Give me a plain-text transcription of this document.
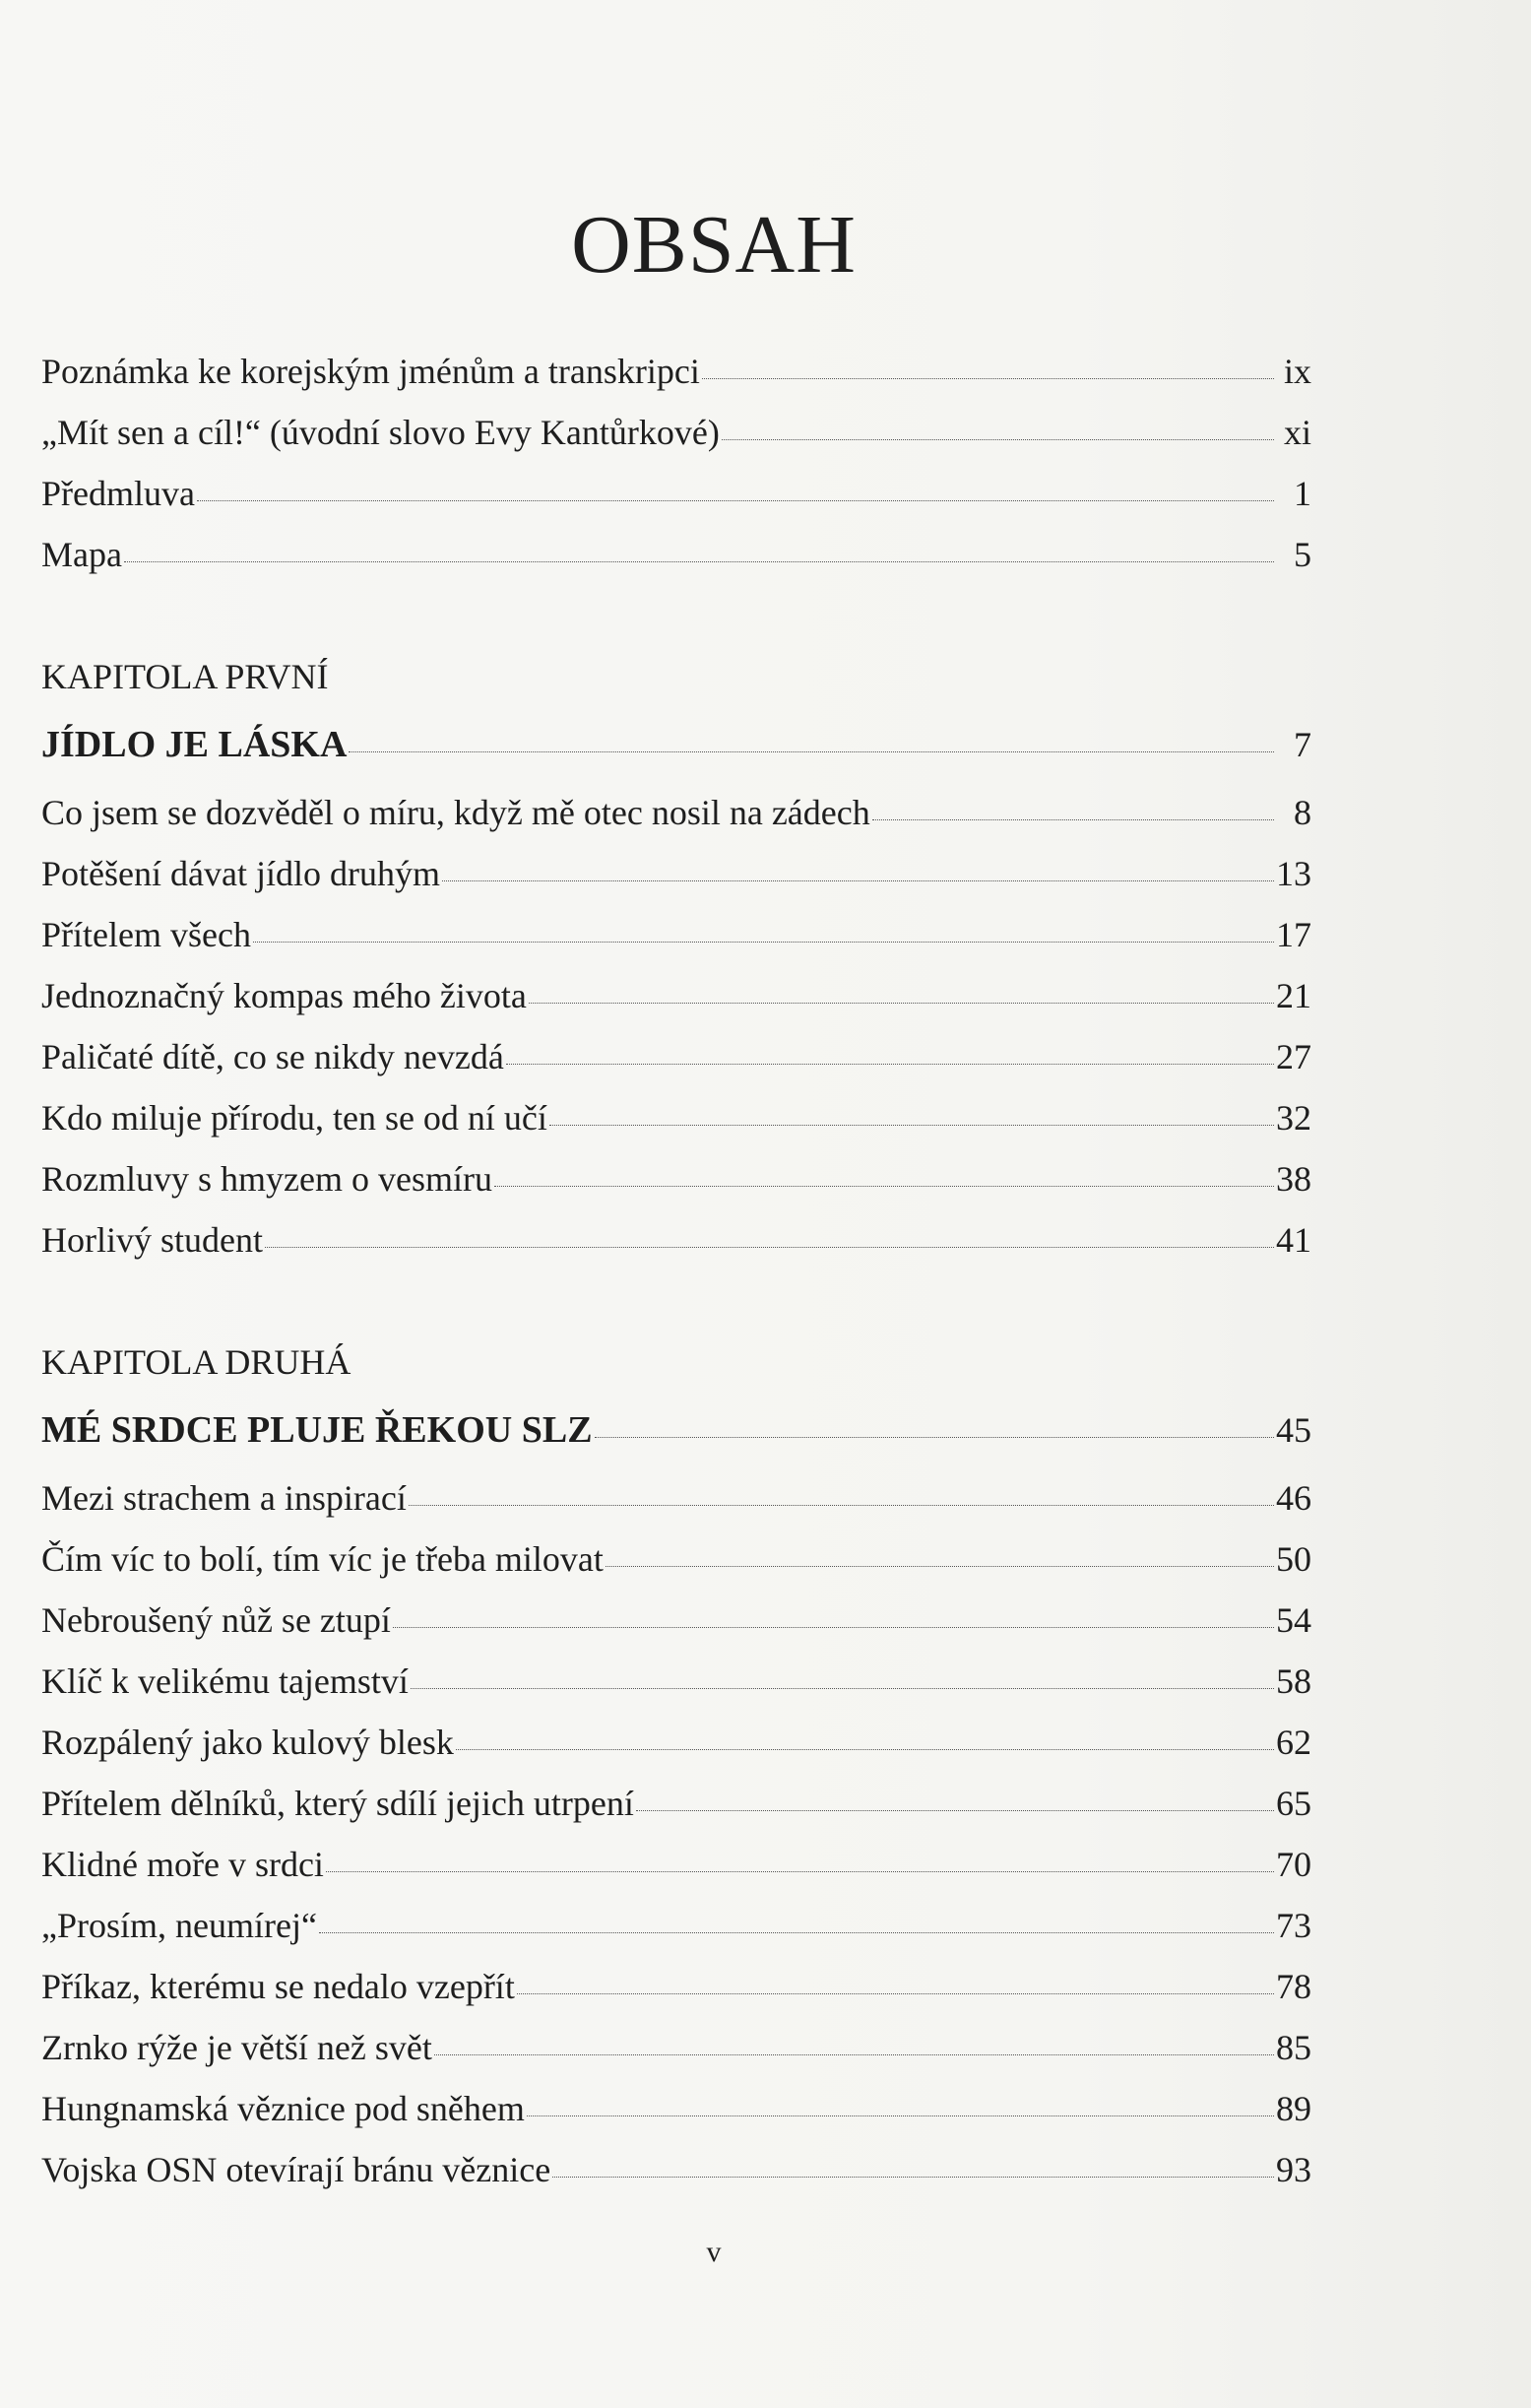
OBSAH
Poznámka ke korejským jménům a transkripci	ix
„Mít sen a cíl!“ (úvodní slovo Evy Kantůrkové)	xi
Předmluva	1
Mapa	5
KAPITOLA PRVNÍ
JÍDLO JE LÁSKA	7
Co jsem se dozvěděl o míru, když mě otec nosil na zádech	8
Potěšení dávat jídlo druhým	13
Přítelem všech	17
Jednoznačný kompas mého života	21
Paličaté dítě, co se nikdy nevzdá	27
Kdo miluje přírodu, ten se od ní učí	32
Rozmluvy s hmyzem o vesmíru	38
Horlivý student	41
KAPITOLA DRUHÁ
MÉ SRDCE PLUJE ŘEKOU SLZ	45
Mezi strachem a inspirací	46
Čím víc to bolí, tím víc je třeba milovat	50
Nebroušený nůž se ztupí	54
Klíč k velikému tajemství	58
Rozpálený jako kulový blesk	62
Přítelem dělníků, který sdílí jejich utrpení	65
Klidné moře v srdci	70
„Prosím, neumírej“	73
Příkaz, kterému se nedalo vzepřít	78
Zrnko rýže je větší než svět	85
Hungnamská věznice pod sněhem	89
Vojska OSN otevírají bránu věznice	93
v
